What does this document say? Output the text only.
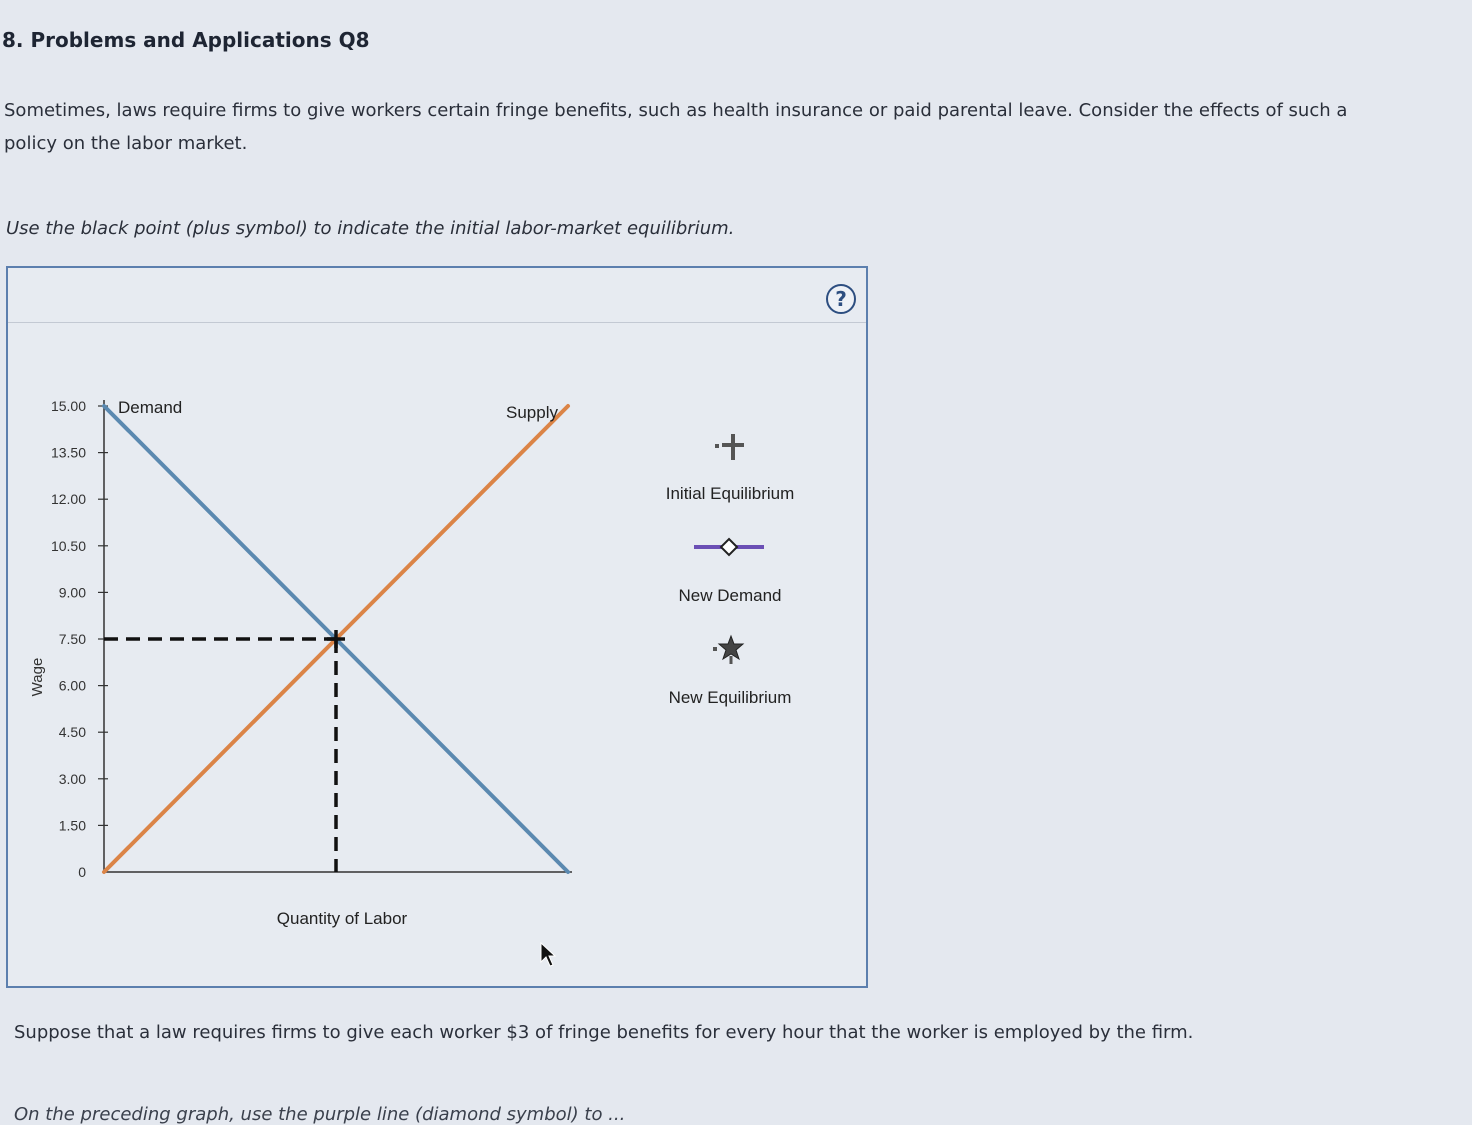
8. Problems and Applications Q8
Sometimes, laws require firms to give workers certain fringe benefits, such as health insurance or paid parental leave. Consider the effects of such a policy on the labor market.
Use the black point (plus symbol) to indicate the initial labor-market equilibrium.
?
0
1.50
3.00
4.50
6.00
7.50
9.00
10.50
12.00
13.50
15.00
Wage
Quantity of Labor
Demand	Supply
Initial Equilibrium
New Demand
New Equilibrium
Suppose that a law requires firms to give each worker $3 of fringe benefits for every hour that the worker is employed by the firm.
On the preceding graph, use the purple line (diamond symbol) to ...
